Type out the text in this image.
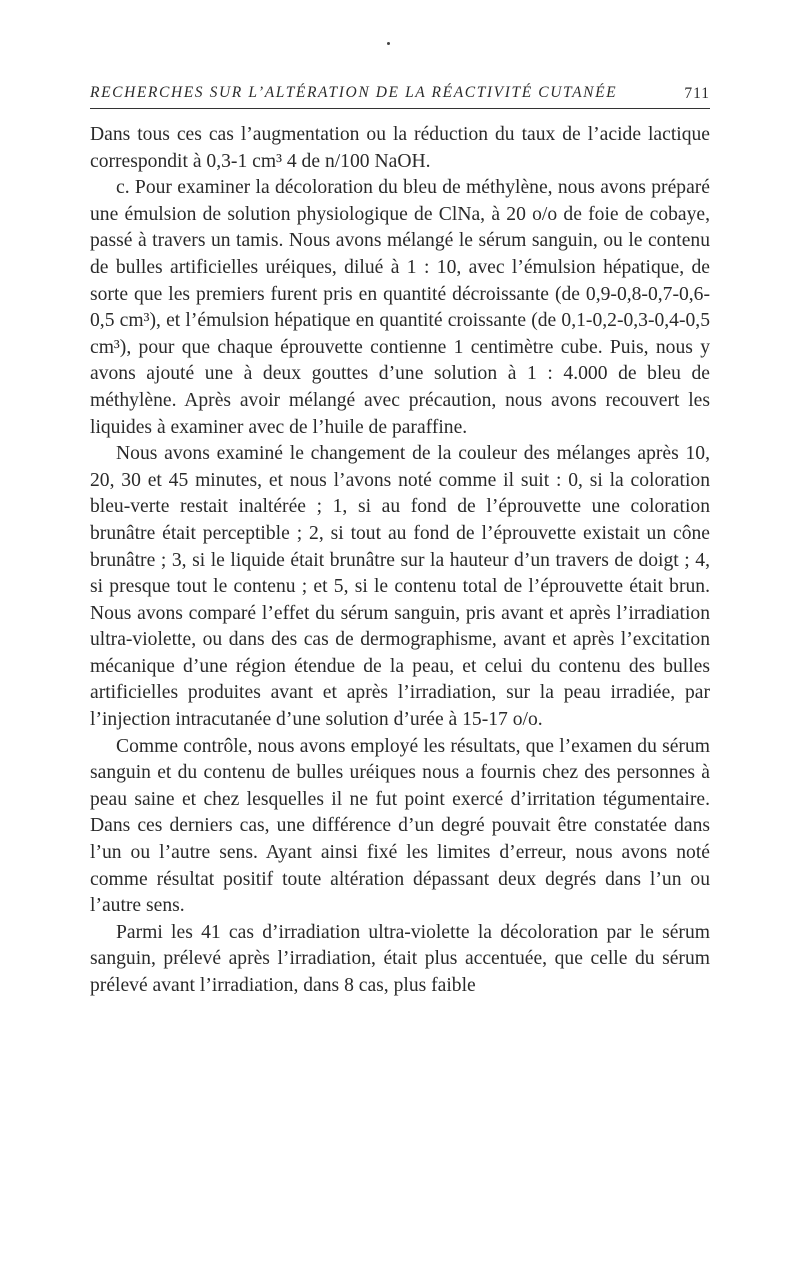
RECHERCHES SUR L’ALTÉRATION DE LA RÉACTIVITÉ CUTANÉE	711

Dans tous ces cas l’augmentation ou la réduction du taux de l’acide lactique correspondit à 0,3-1 cm³ 4 de n/100 NaOH.

c. Pour examiner la décoloration du bleu de méthylène, nous avons préparé une émulsion de solution physiologique de ClNa, à 20 o/o de foie de cobaye, passé à travers un tamis. Nous avons mélangé le sérum sanguin, ou le contenu de bulles artificielles uréiques, dilué à 1 : 10, avec l’émulsion hépatique, de sorte que les premiers furent pris en quantité décroissante (de 0,9-0,8-0,7-0,6-0,5 cm³), et l’émulsion hépatique en quantité croissante (de 0,1-0,2-0,3-0,4-0,5 cm³), pour que chaque éprouvette contienne 1 centimètre cube. Puis, nous y avons ajouté une à deux gouttes d’une solution à 1 : 4.000 de bleu de méthylène. Après avoir mélangé avec précaution, nous avons recouvert les liquides à examiner avec de l’huile de paraffine.

Nous avons examiné le changement de la couleur des mélanges après 10, 20, 30 et 45 minutes, et nous l’avons noté comme il suit : 0, si la coloration bleu-verte restait inaltérée ; 1, si au fond de l’éprouvette une coloration brunâtre était perceptible ; 2, si tout au fond de l’éprouvette existait un cône brunâtre ; 3, si le liquide était brunâtre sur la hauteur d’un travers de doigt ; 4, si presque tout le contenu ; et 5, si le contenu total de l’éprouvette était brun. Nous avons comparé l’effet du sérum sanguin, pris avant et après l’irradiation ultra-violette, ou dans des cas de dermographisme, avant et après l’excitation mécanique d’une région étendue de la peau, et celui du contenu des bulles artificielles produites avant et après l’irradiation, sur la peau irradiée, par l’injection intracutanée d’une solution d’urée à 15-17 o/o.

Comme contrôle, nous avons employé les résultats, que l’examen du sérum sanguin et du contenu de bulles uréiques nous a fournis chez des personnes à peau saine et chez lesquelles il ne fut point exercé d’irritation tégumentaire. Dans ces derniers cas, une différence d’un degré pouvait être constatée dans l’un ou l’autre sens. Ayant ainsi fixé les limites d’erreur, nous avons noté comme résultat positif toute altération dépassant deux degrés dans l’un ou l’autre sens.

Parmi les 41 cas d’irradiation ultra-violette la décoloration par le sérum sanguin, prélevé après l’irradiation, était plus accentuée, que celle du sérum prélevé avant l’irradiation, dans 8 cas, plus faible
